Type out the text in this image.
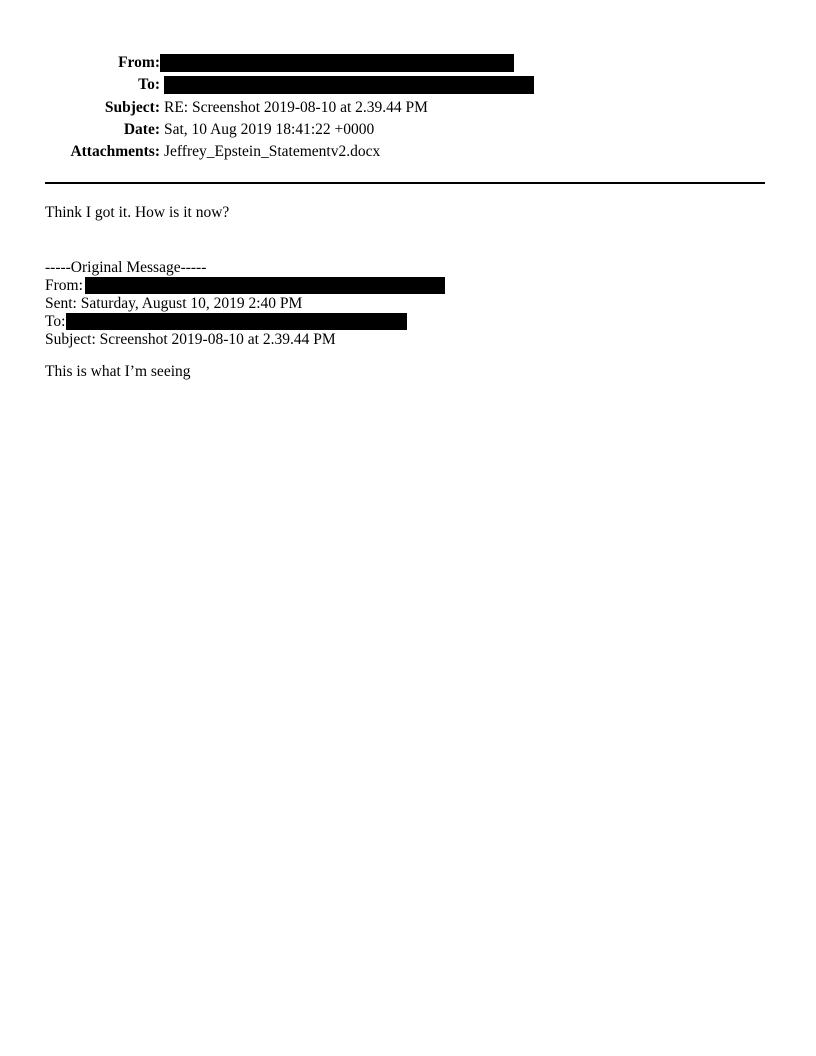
From:
To:
Subject: RE: Screenshot 2019-08-10 at 2.39.44 PM
Date: Sat, 10 Aug 2019 18:41:22 +0000
Attachments: Jeffrey_Epstein_Statementv2.docx
Think I got it. How is it now?
-----Original Message-----
From:
Sent: Saturday, August 10, 2019 2:40 PM
To:
Subject: Screenshot 2019-08-10 at 2.39.44 PM
This is what I’m seeing
